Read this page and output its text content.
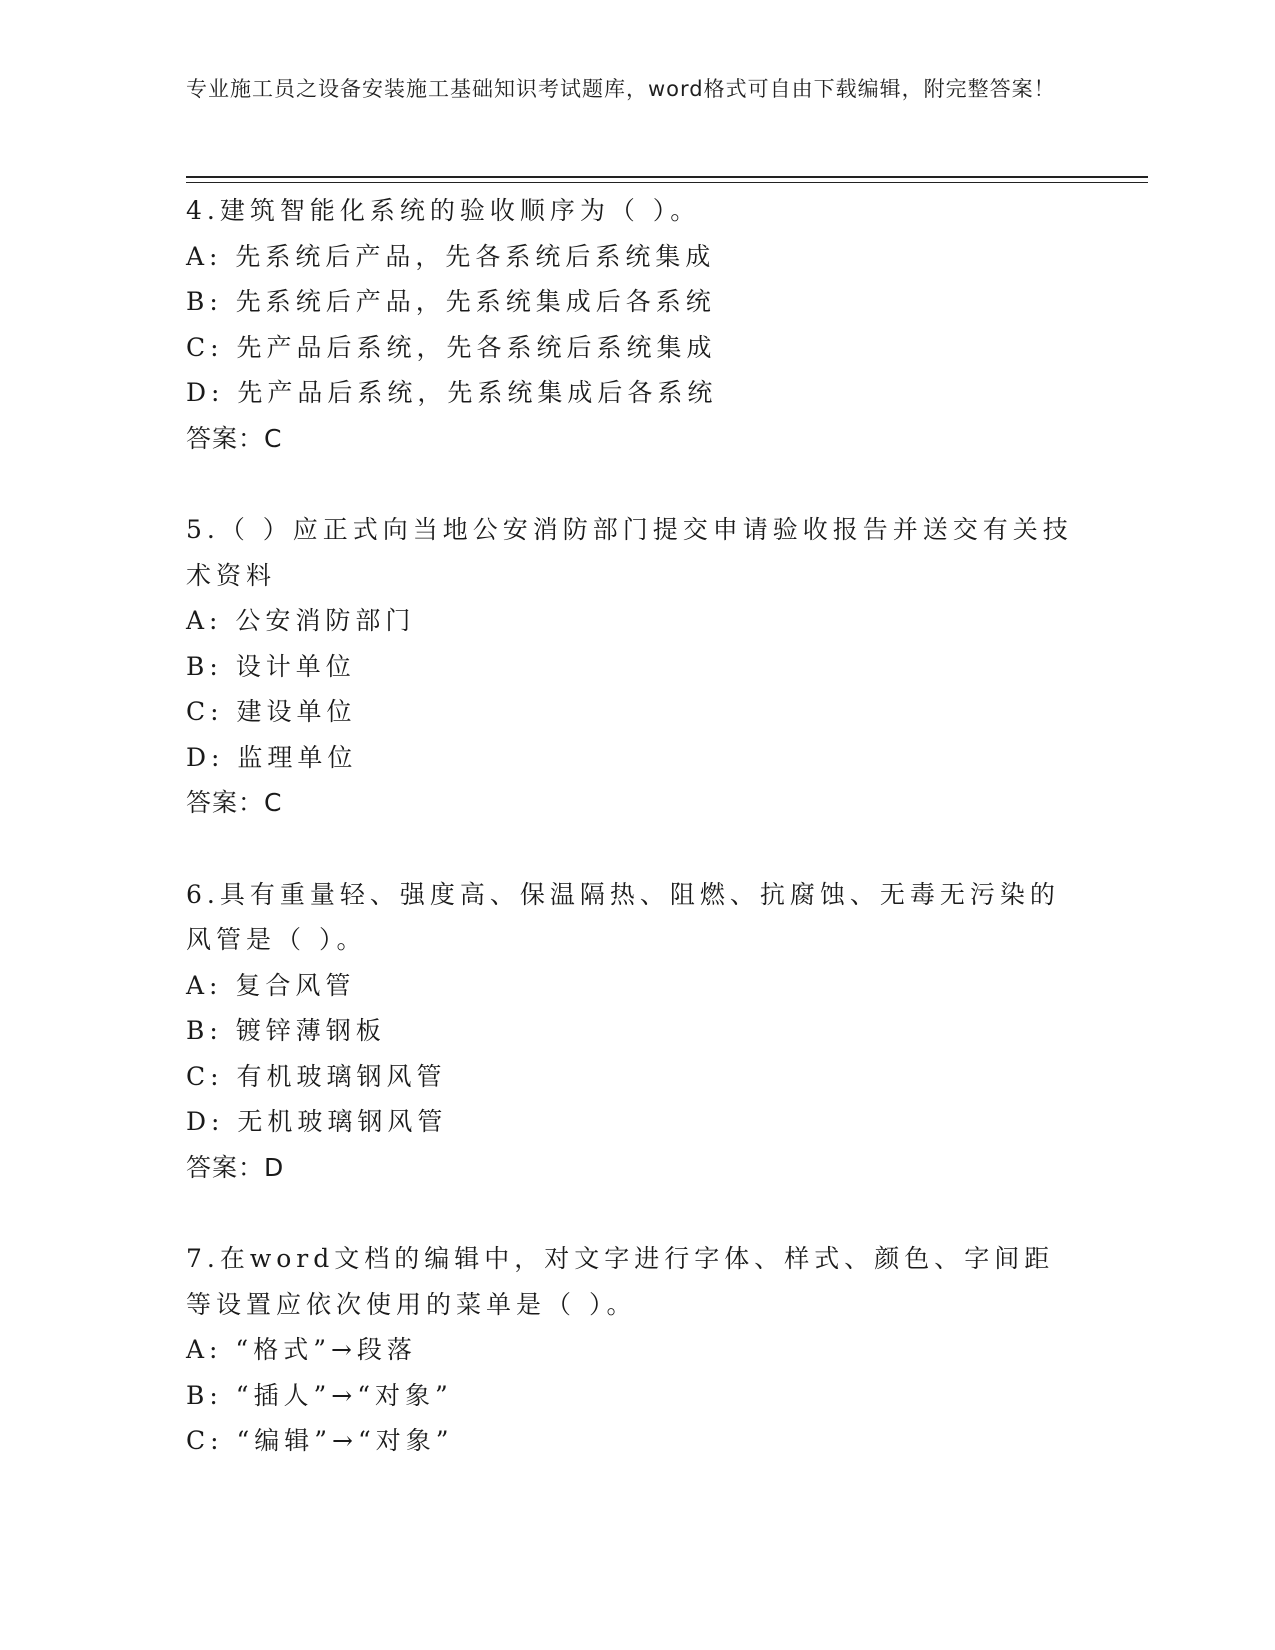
专业施工员之设备安装施工基础知识考试题库，word格式可自由下载编辑，附完整答案！
4.建筑智能化系统的验收顺序为（ ）。
A: 先系统后产品，先各系统后系统集成
B: 先系统后产品，先系统集成后各系统
C: 先产品后系统，先各系统后系统集成
D: 先产品后系统，先系统集成后各系统
答案：C
5.（ ）应正式向当地公安消防部门提交申请验收报告并送交有关技术资料
A: 公安消防部门
B: 设计单位
C: 建设单位
D: 监理单位
答案：C
6.具有重量轻、强度高、保温隔热、阻燃、抗腐蚀、无毒无污染的风管是（ ）。
A: 复合风管
B: 镀锌薄钢板
C: 有机玻璃钢风管
D: 无机玻璃钢风管
答案：D
7.在word文档的编辑中，对文字进行字体、样式、颜色、字间距等设置应依次使用的菜单是（ ）。
A: “格式”→段落
B: “插人”→“对象”
C: “编辑”→“对象”
